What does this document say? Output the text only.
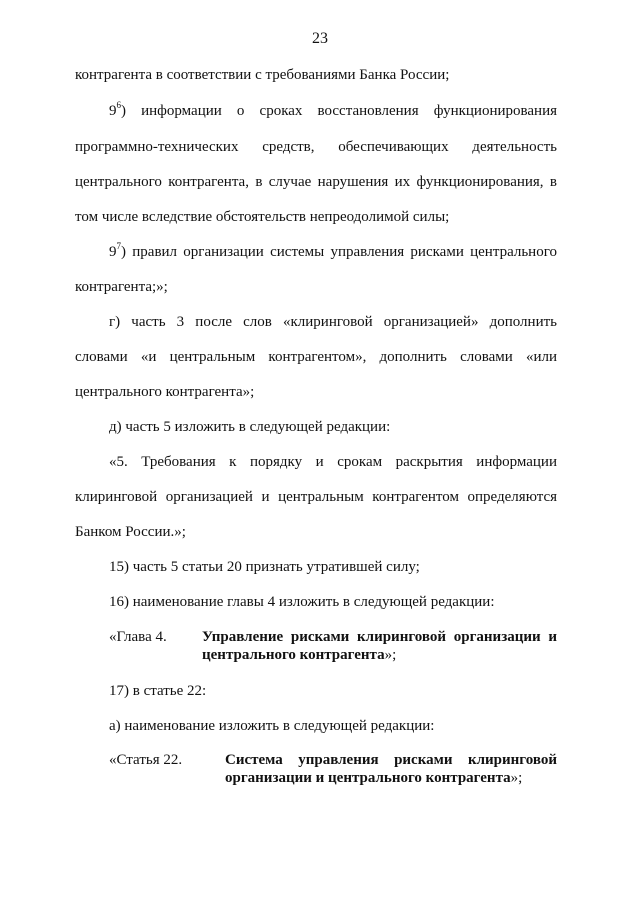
23
контрагента в соответствии с требованиями Банка России;
$9^6$) информации о сроках восстановления функционирования
программно-технических средств, обеспечивающих деятельность
центрального контрагента, в случае нарушения их функционирования, в
том числе вследствие обстоятельств непреодолимой силы;
$9^7$) правил организации системы управления рисками центрального
контрагента;»;
г) часть 3 после слов «клиринговой организацией» дополнить
словами «и центральным контрагентом», дополнить словами «или
центрального контрагента»;
д) часть 5 изложить в следующей редакции:
«5. Требования к порядку и срокам раскрытия информации
клиринговой организацией и центральным контрагентом определяются
Банком России.»;
15) часть 5 статьи 20 признать утратившей силу;
16) наименование главы 4 изложить в следующей редакции:
«Глава 4. Управление рисками клиринговой организации и
центрального контрагента»;
17) в статье 22:
а) наименование изложить в следующей редакции:
«Статья 22.	Система управления рисками клиринговой
организации и центрального контрагента»;
